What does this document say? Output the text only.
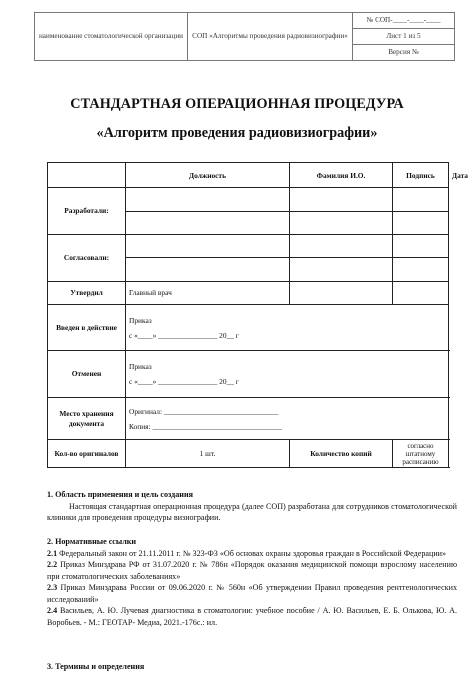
наименование стоматологической организации	СОП «Алгоритмы проведения радиовизиографии»	
№ СОП-____-____-____
Лист 1 из 5
Версия №
СТАНДАРТНАЯ ОПЕРАЦИОННАЯ ПРОЦЕДУРА
«Алгоритм проведения радиовизиографии»
	Должность	Фамилия И.О.	Подпись	Дата
Разработали:				

Согласовали:				

Утвердил	Главный врач			
Введен в действие	Приказ
с «____» ________________ 20__ г			

Отменен	Приказ
с «____» ________________ 20__ г			

Место хранения документа	Оригинал: _______________________________
Копия: ___________________________________			

Кол-во оригиналов	1 шт.	Количество копий	согласно штатному расписанию	
1. Область применения и цель создания
Настоящая стандартная операционная процедура (далее СОП) разработана для сотрудников стоматологической клиники для проведения процедуры визиографии.
2. Нормативные ссылки
2.1 Федеральный закон от 21.11.2011 г. № 323-ФЗ «Об основах охраны здоровья граждан в Российской Федерации»
2.2 Приказ Минздрава РФ от 31.07.2020 г. № 786н «Порядок оказания медицинской помощи взрослому населению при стоматологических заболеваниях»
2.3 Приказ Минздрава России от 09.06.2020 г. № 560н «Об утверждении Правил проведения рентгенологических исследований»
2.4 Васильев, А. Ю. Лучевая диагностика в стоматологии: учебное пособие / А. Ю. Васильев, Е. Б. Олькова, Ю. А. Воробьев. - М.: ГЕОТАР- Медиа, 2021.-176с.: ил.
3. Термины и определения
